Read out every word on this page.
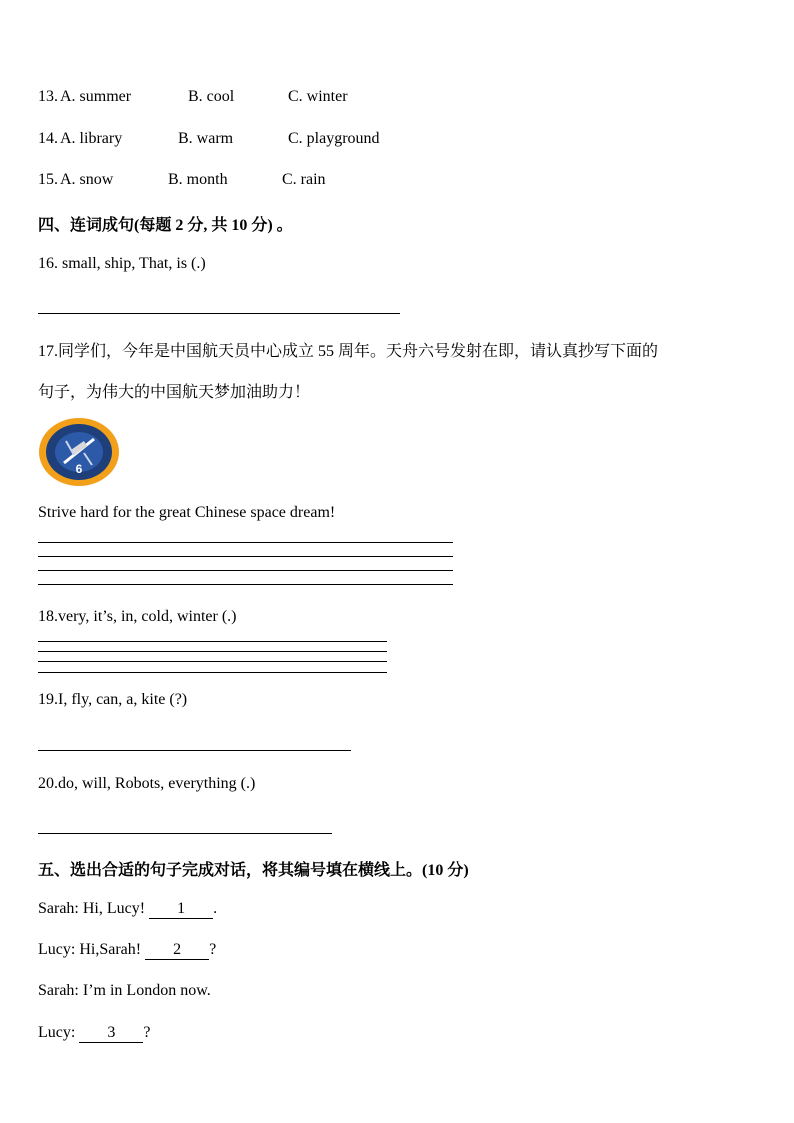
13. A. summer	B. cool	C. winter
14. A. library	B. warm	C. playground
15. A. snow	B. month	C. rain
四、连词成句(每题 2 分, 共 10 分) 。
16. small, ship, That, is (.)
17.同学们，今年是中国航天员中心成立 55 周年。天舟六号发射在即，请认真抄写下面的
句子，为伟大的中国航天梦加油助力！
6
Strive hard for the great Chinese space dream!
18.very, it’s, in, cold, winter (.)
19.I, fly, can, a, kite (?)
20.do, will, Robots, everything (.)
五、选出合适的句子完成对话，将其编号填在横线上。(10 分)
Sarah: Hi, Lucy! 1 .
Lucy: Hi,Sarah! 2 ?
Sarah: I’m in London now.
Lucy: 3 ?
